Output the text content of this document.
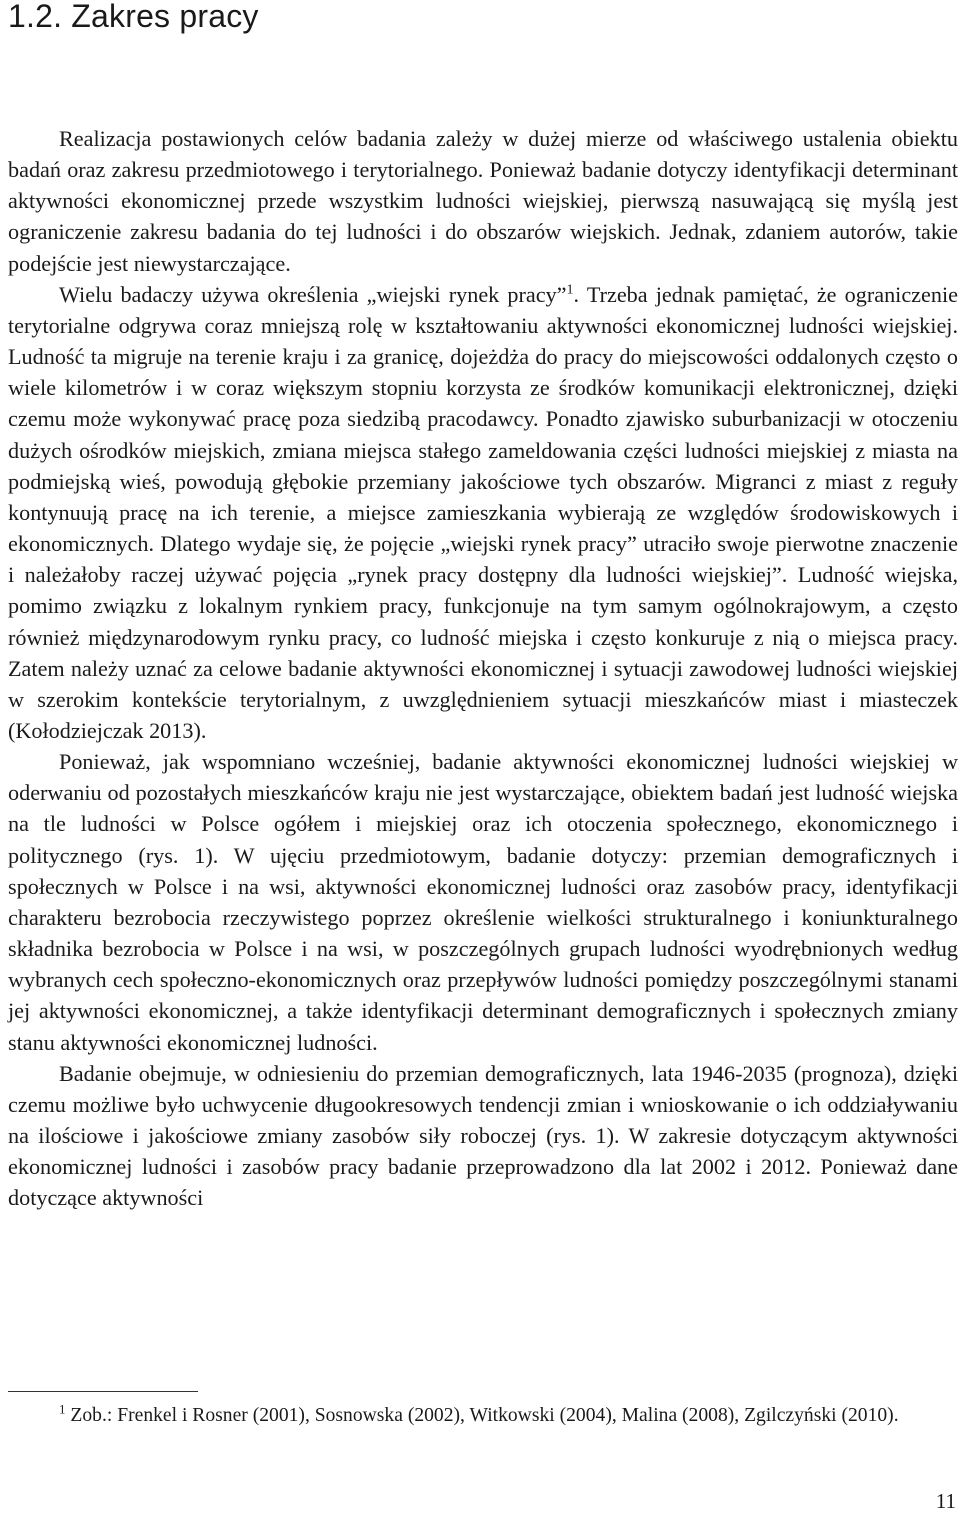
1.2. Zakres pracy

Realizacja postawionych celów badania zależy w dużej mierze od właściwego ustalenia obiektu badań oraz zakresu przedmiotowego i terytorialnego. Ponieważ badanie dotyczy identyfikacji determinant aktywności ekonomicznej przede wszystkim ludności wiejskiej, pierwszą nasuwającą się myślą jest ograniczenie zakresu badania do tej ludności i do obszarów wiejskich. Jednak, zdaniem autorów, takie podejście jest niewystarczające.

Wielu badaczy używa określenia „wiejski rynek pracy”$^1$. Trzeba jednak pamiętać, że ograniczenie terytorialne odgrywa coraz mniejszą rolę w kształtowaniu aktywności ekonomicznej ludności wiejskiej. Ludność ta migruje na terenie kraju i za granicę, dojeżdża do pracy do miejscowości oddalonych często o wiele kilometrów i w coraz większym stopniu korzysta ze środków komunikacji elektronicznej, dzięki czemu może wykonywać pracę poza siedzibą pracodawcy. Ponadto zjawisko suburbanizacji w otoczeniu dużych ośrodków miejskich, zmiana miejsca stałego zameldowania części ludności miejskiej z miasta na podmiejską wieś, powodują głębokie przemiany jakościowe tych obszarów. Migranci z miast z reguły kontynuują pracę na ich terenie, a miejsce zamieszkania wybierają ze względów środowiskowych i ekonomicznych. Dlatego wydaje się, że pojęcie „wiejski rynek pracy” utraciło swoje pierwotne znaczenie i należałoby raczej używać pojęcia „rynek pracy dostępny dla ludności wiejskiej”. Ludność wiejska, pomimo związku z lokalnym rynkiem pracy, funkcjonuje na tym samym ogólnokrajowym, a często również międzynarodowym rynku pracy, co ludność miejska i często konkuruje z nią o miejsca pracy. Zatem należy uznać za celowe badanie aktywności ekonomicznej i sytuacji zawodowej ludności wiejskiej w szerokim kontekście terytorialnym, z uwzględnieniem sytuacji mieszkańców miast i miasteczek (Kołodziejczak 2013).

Ponieważ, jak wspomniano wcześniej, badanie aktywności ekonomicznej ludności wiejskiej w oderwaniu od pozostałych mieszkańców kraju nie jest wystarczające, obiektem badań jest ludność wiejska na tle ludności w Polsce ogółem i miejskiej oraz ich otoczenia społecznego, ekonomicznego i politycznego (rys. 1). W ujęciu przedmiotowym, badanie dotyczy: przemian demograficznych i społecznych w Polsce i na wsi, aktywności ekonomicznej ludności oraz zasobów pracy, identyfikacji charakteru bezrobocia rzeczywistego poprzez określenie wielkości strukturalnego i koniunkturalnego składnika bezrobocia w Polsce i na wsi, w poszczególnych grupach ludności wyodrębnionych według wybranych cech społeczno-ekonomicznych oraz przepływów ludności pomiędzy poszczególnymi stanami jej aktywności ekonomicznej, a także identyfikacji determinant demograficznych i społecznych zmiany stanu aktywności ekonomicznej ludności.

Badanie obejmuje, w odniesieniu do przemian demograficznych, lata 1946-2035 (prognoza), dzięki czemu możliwe było uchwycenie długookresowych tendencji zmian i wnioskowanie o ich oddziaływaniu na ilościowe i jakościowe zmiany zasobów siły roboczej (rys. 1). W zakresie dotyczącym aktywności ekonomicznej ludności i zasobów pracy badanie przeprowadzono dla lat 2002 i 2012. Ponieważ dane dotyczące aktywności

$^1$ Zob.: Frenkel i Rosner (2001), Sosnowska (2002), Witkowski (2004), Malina (2008), Zgilczyński (2010).

11
